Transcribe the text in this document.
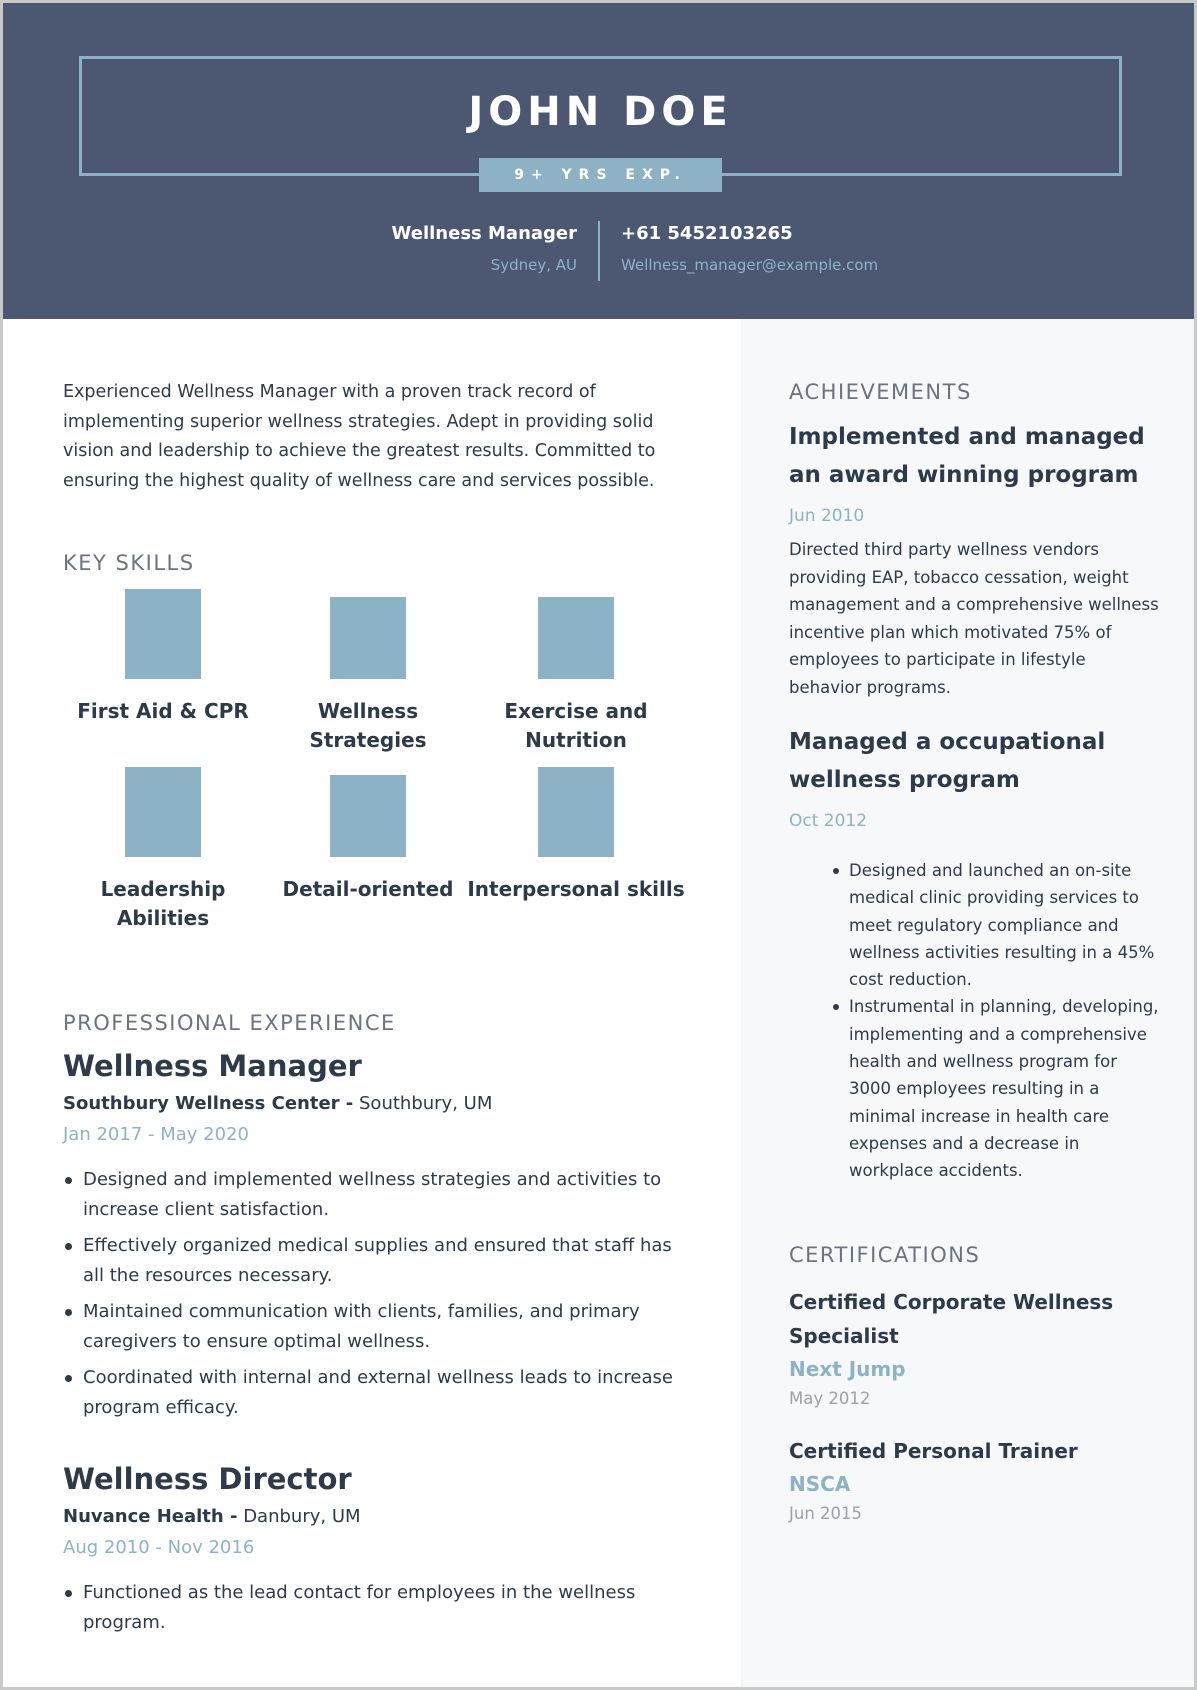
JOHN DOE
9+ YRS EXP.
Wellness Manager
Sydney, AU
+61 5452103265
Wellness_manager@example.com

Experienced Wellness Manager with a proven track record of implementing superior wellness strategies. Adept in providing solid vision and leadership to achieve the greatest results. Committed to ensuring the highest quality of wellness care and services possible.

KEY SKILLS
First Aid & CPR	Wellness Strategies
Exercise and Nutrition
Leadership Abilities
Detail-oriented Interpersonal skills
PROFESSIONAL EXPERIENCE
Wellness Manager
Southbury Wellness Center - Southbury, UM
Jan 2017 - May 2020
Designed and implemented wellness strategies and activities to increase client satisfaction.
Effectively organized medical supplies and ensured that staff has all the resources necessary.
Maintained communication with clients, families, and primary caregivers to ensure optimal wellness.
Coordinated with internal and external wellness leads to increase program efficacy.
Wellness Director
Nuvance Health - Danbury, UM
Aug 2010 - Nov 2016
Functioned as the lead contact for employees in the wellness program.
ACHIEVEMENTS
Implemented and managed an award winning program
Jun 2010
Directed third party wellness vendors providing EAP, tobacco cessation, weight management and a comprehensive wellness incentive plan which motivated 75% of employees to participate in lifestyle behavior programs.
Managed a occupational wellness program
Oct 2012
Designed and launched an on-site medical clinic providing services to meet regulatory compliance and wellness activities resulting in a 45% cost reduction.
Instrumental in planning, developing, implementing and a comprehensive health and wellness program for 3000 employees resulting in a minimal increase in health care expenses and a decrease in workplace accidents.
CERTIFICATIONS
Certified Corporate Wellness Specialist
Next Jump
May 2012
Certified Personal Trainer
NSCA
Jun 2015
